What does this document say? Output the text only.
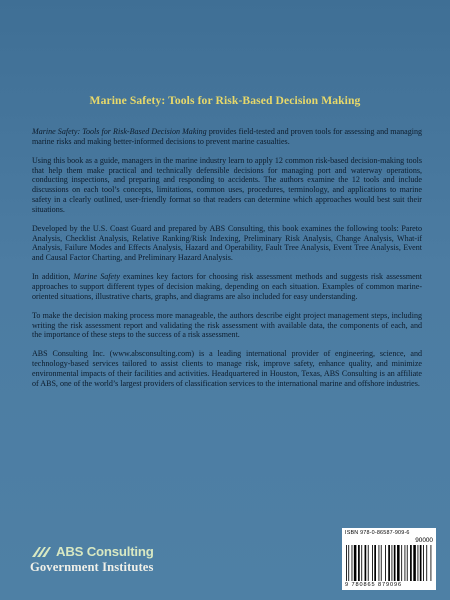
Marine Safety: Tools for Risk-Based Decision Making

Marine Safety: Tools for Risk-Based Decision Making provides field-tested and proven tools for assessing and managing marine risks and making better-informed decisions to prevent marine casualties.

Using this book as a guide, managers in the marine industry learn to apply 12 common risk-based decision-making tools that help them make practical and technically defensible decisions for managing port and waterway operations, conducting inspections, and preparing and responding to accidents. The authors examine the 12 tools and include discussions on each tool’s concepts, limitations, common uses, procedures, terminology, and applications to marine safety in a clearly outlined, user-friendly format so that readers can determine which approaches would best suit their situations.

Developed by the U.S. Coast Guard and prepared by ABS Consulting, this book examines the following tools: Pareto Analysis, Checklist Analysis, Relative Ranking/Risk Indexing, Preliminary Risk Analysis, Change Analysis, What-if Analysis, Failure Modes and Effects Analysis, Hazard and Operability, Fault Tree Analysis, Event Tree Analysis, Event and Causal Factor Charting, and Preliminary Hazard Analysis.

In addition, Marine Safety examines key factors for choosing risk assessment methods and suggests risk assessment approaches to support different types of decision making, depending on each situation. Examples of common marine-oriented situations, illustrative charts, graphs, and diagrams are also included for easy understanding.

To make the decision making process more manageable, the authors describe eight project management steps, including writing the risk assessment report and validating the risk assessment with available data, the components of each, and the importance of these steps to the success of a risk assessment.

ABS Consulting Inc. (www.absconsulting.com) is a leading international provider of engineering, science, and technology-based services tailored to assist clients to manage risk, improve safety, enhance quality, and minimize environmental impacts of their facilities and activities. Headquartered in Houston, Texas, ABS Consulting is an affiliate of ABS, one of the world’s largest providers of classification services to the international marine and offshore industries.

ABS Consulting
Government Institutes
ISBN 978-0-86587-909-6
90000
9 780865 879096
